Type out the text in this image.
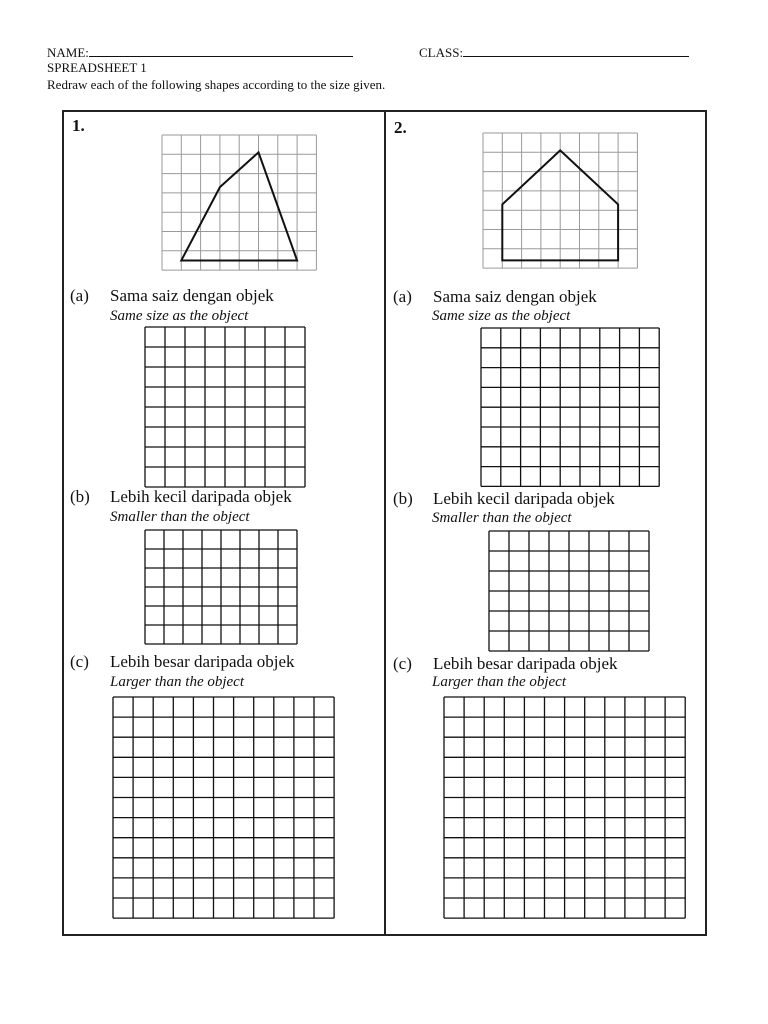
NAME:	CLASS:
SPREADSHEET 1
Redraw each of the following shapes according to the size given.
1.
(a) Sama saiz dengan objek
Same size as the object
(b) Lebih kecil daripada objek
Smaller than the object
(c) Lebih besar daripada objek
Larger than the object
2.
(a) Sama saiz dengan objek
Same size as the object
(b) Lebih kecil daripada objek
Smaller than the object
(c) Lebih besar daripada objek
Larger than the object
